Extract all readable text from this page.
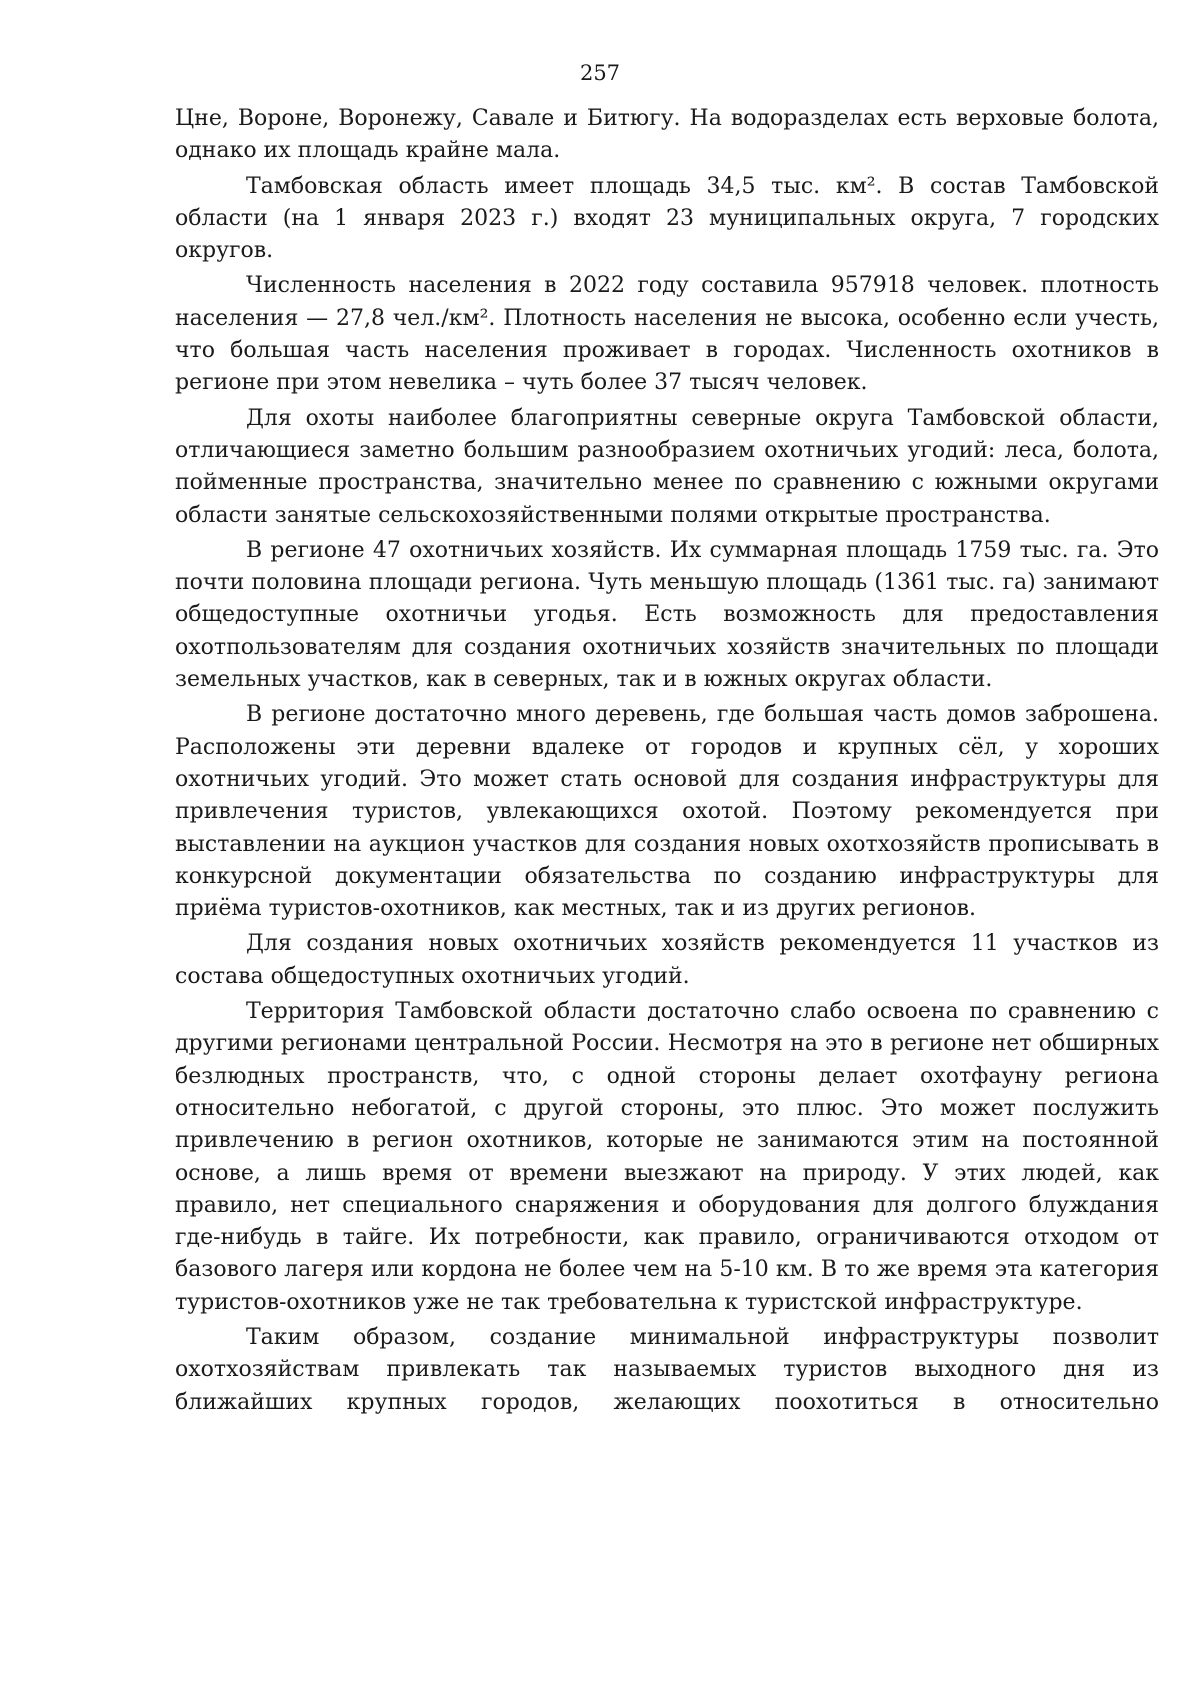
257

Цне, Вороне, Воронежу, Савале и Битюгу. На водоразделах есть верховые болота, однако их площадь крайне мала.

Тамбовская область имеет площадь 34,5 тыс. км². В состав Тамбовской области (на 1 января 2023 г.) входят 23 муниципальных округа, 7 городских округов.

Численность населения в 2022 году составила 957918 человек. плотность населения — 27,8 чел./км². Плотность населения не высока, особенно если учесть, что большая часть населения проживает в городах. Численность охотников в регионе при этом невелика – чуть более 37 тысяч человек.

Для охоты наиболее благоприятны северные округа Тамбовской области, отличающиеся заметно большим разнообразием охотничьих угодий: леса, болота, пойменные пространства, значительно менее по сравнению с южными округами области занятые сельскохозяйственными полями открытые пространства.

В регионе 47 охотничьих хозяйств. Их суммарная площадь 1759 тыс. га. Это почти половина площади региона. Чуть меньшую площадь (1361 тыс. га) занимают общедоступные охотничьи угодья. Есть возможность для предоставления охотпользователям для создания охотничьих хозяйств значительных по площади земельных участков, как в северных, так и в южных округах области.

В регионе достаточно много деревень, где большая часть домов заброшена. Расположены эти деревни вдалеке от городов и крупных сёл, у хороших охотничьих угодий. Это может стать основой для создания инфраструктуры для привлечения туристов, увлекающихся охотой. Поэтому рекомендуется при выставлении на аукцион участков для создания новых охотхозяйств прописывать в конкурсной документации обязательства по созданию инфраструктуры для приёма туристов-охотников, как местных, так и из других регионов.

Для создания новых охотничьих хозяйств рекомендуется 11 участков из состава общедоступных охотничьих угодий.

Территория Тамбовской области достаточно слабо освоена по сравнению с другими регионами центральной России. Несмотря на это в регионе нет обширных безлюдных пространств, что, с одной стороны делает охотфауну региона относительно небогатой, с другой стороны, это плюс. Это может послужить привлечению в регион охотников, которые не занимаются этим на постоянной основе, а лишь время от времени выезжают на природу. У этих людей, как правило, нет специального снаряжения и оборудования для долгого блуждания где-нибудь в тайге. Их потребности, как правило, ограничиваются отходом от базового лагеря или кордона не более чем на 5-10 км. В то же время эта категория туристов-охотников уже не так требовательна к туристской инфраструктуре.

Таким образом, создание минимальной инфраструктуры позволит охотхозяйствам привлекать так называемых туристов выходного дня из ближайших крупных городов, желающих поохотиться в относительно
